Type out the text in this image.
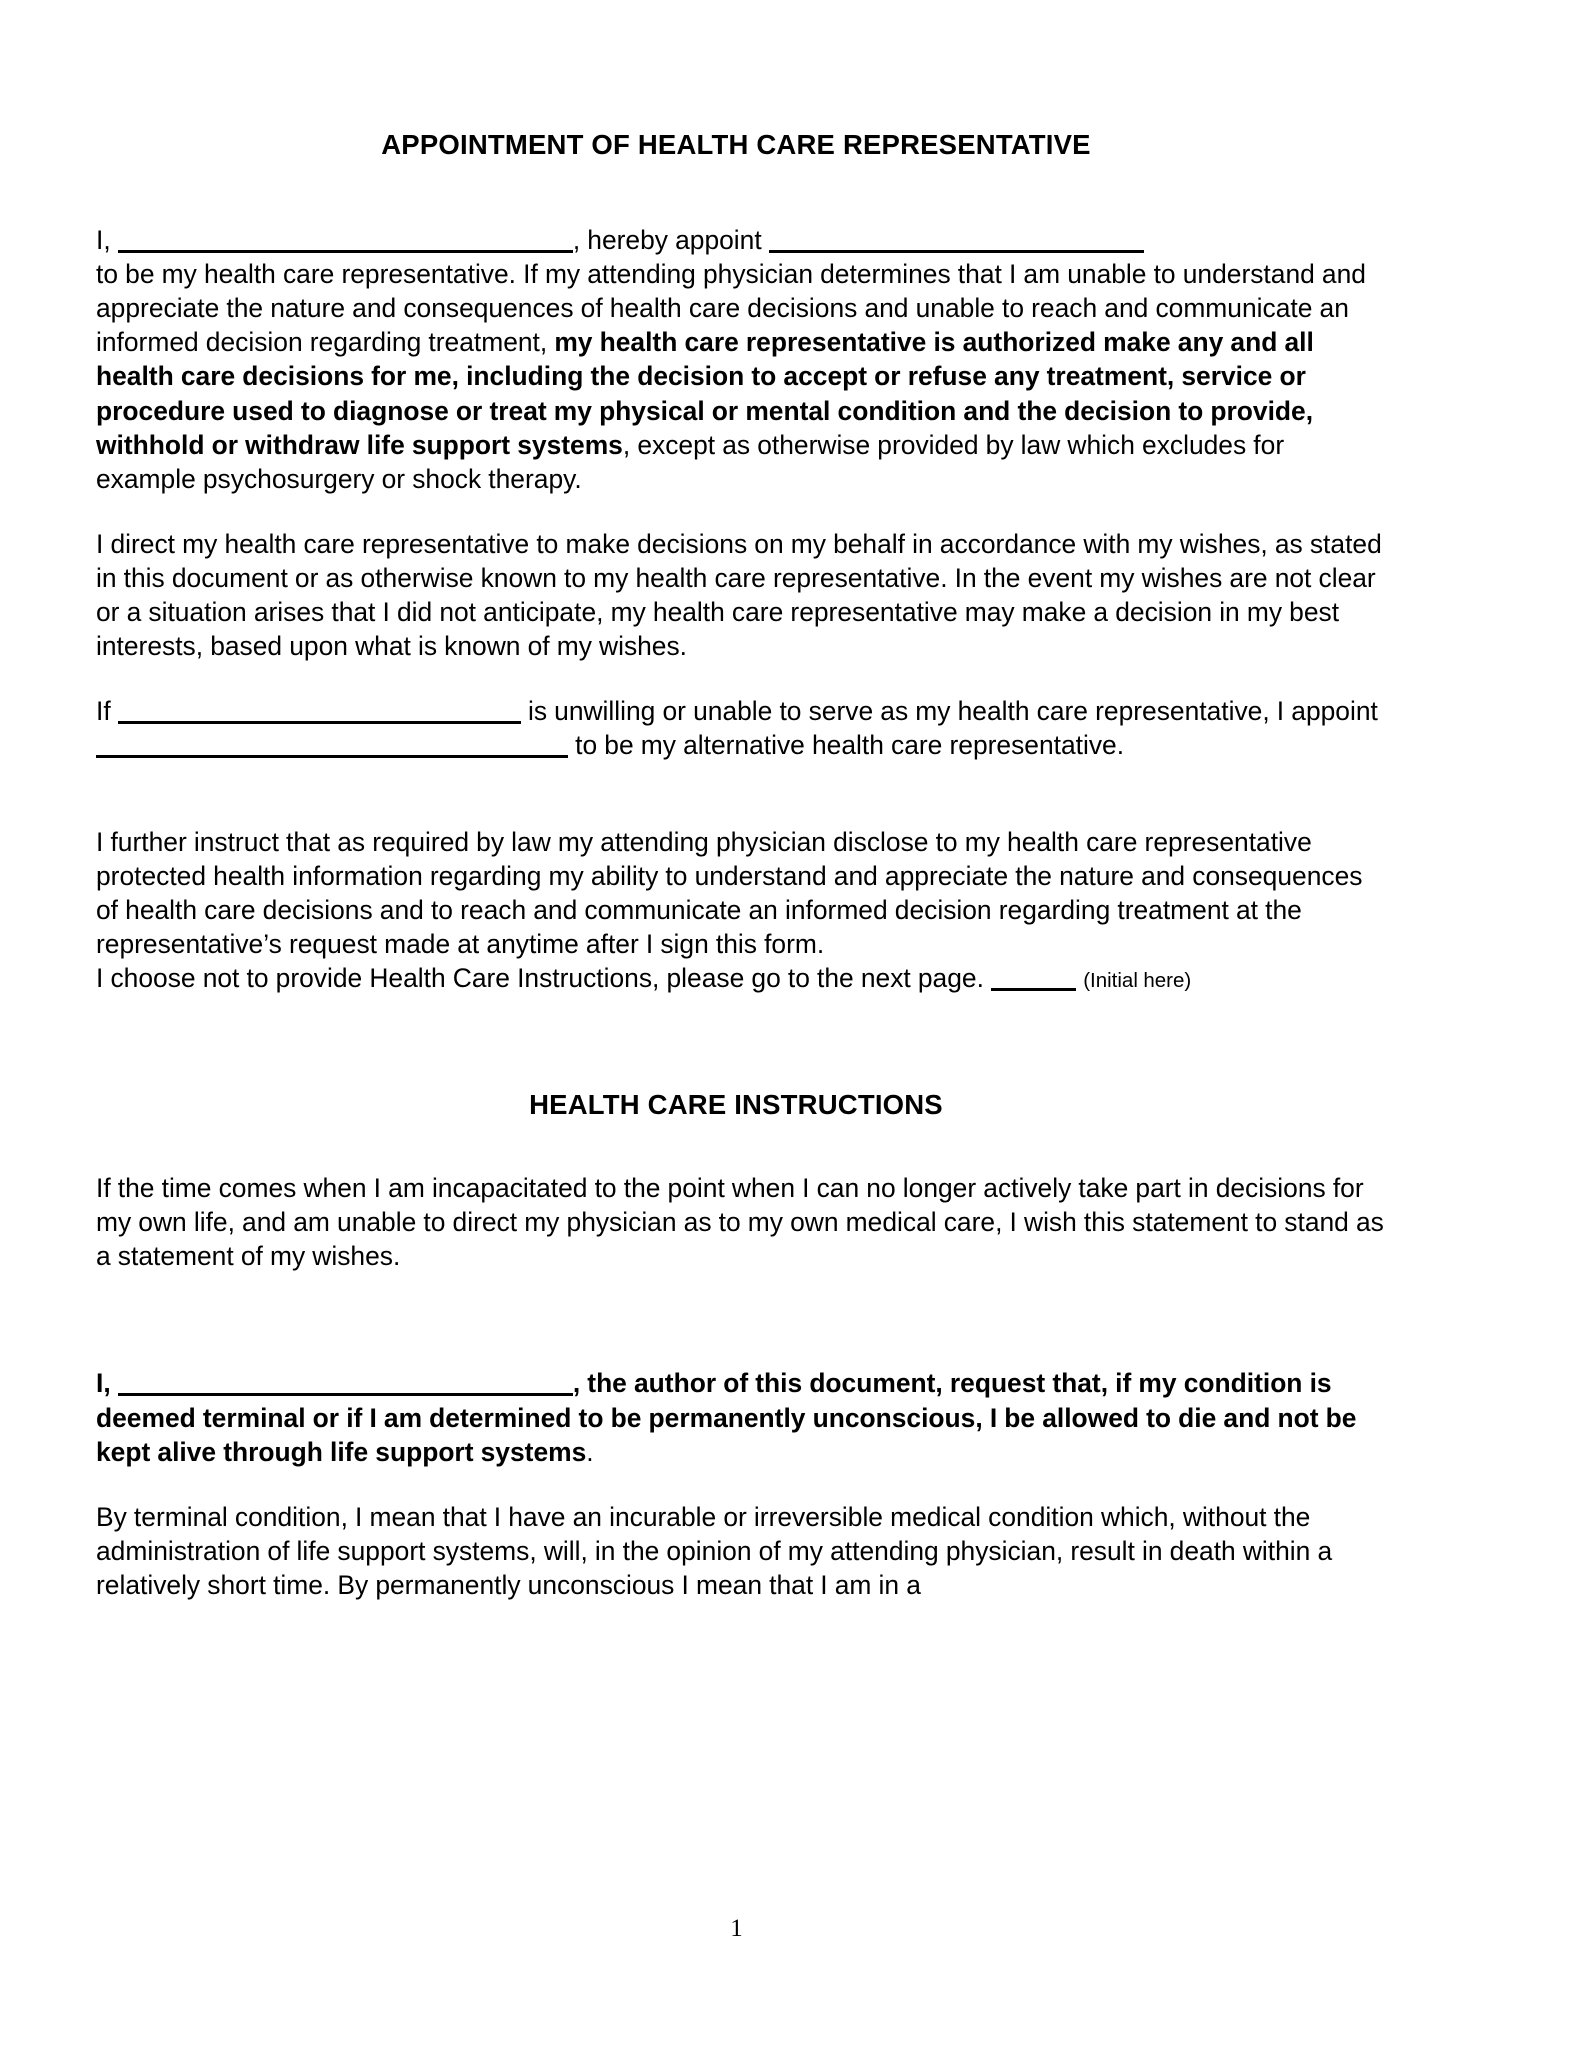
APPOINTMENT OF HEALTH CARE REPRESENTATIVE

I,	, hereby appoint
to be my health care representative. If my attending physician determines that I am unable to understand and appreciate the nature and consequences of health care decisions and unable to reach and communicate an informed decision regarding treatment, my health care representative is authorized make any and all health care decisions for me, including the decision to accept or refuse any treatment, service or procedure used to diagnose or treat my physical or mental condition and the decision to provide, withhold or withdraw life support systems, except as otherwise provided by law which excludes for example psychosurgery or shock therapy.

I direct my health care representative to make decisions on my behalf in accordance with my wishes, as stated in this document or as otherwise known to my health care representative. In the event my wishes are not clear or a situation arises that I did not anticipate, my health care representative may make a decision in my best interests, based upon what is known of my wishes.

If	is unwilling or unable to serve as my health care representative, I appoint  to be my alternative health care representative.

I further instruct that as required by law my attending physician disclose to my health care representative protected health information regarding my ability to understand and appreciate the nature and consequences of health care decisions and to reach and communicate an informed decision regarding treatment at the representative’s request made at anytime after I sign this form.

I choose not to provide Health Care Instructions, please go to the next page.	(Initial here)

HEALTH CARE INSTRUCTIONS

If the time comes when I am incapacitated to the point when I can no longer actively take part in decisions for my own life, and am unable to direct my physician as to my own medical care, I wish this statement to stand as a statement of my wishes.

I,	, the author of this document, request that, if my condition is deemed terminal or if I am determined to be permanently unconscious, I be allowed to die and not be kept alive through life support systems.

By terminal condition, I mean that I have an incurable or irreversible medical condition which, without the administration of life support systems, will, in the opinion of my attending physician, result in death within a relatively short time. By permanently unconscious I mean that I am in a

1
